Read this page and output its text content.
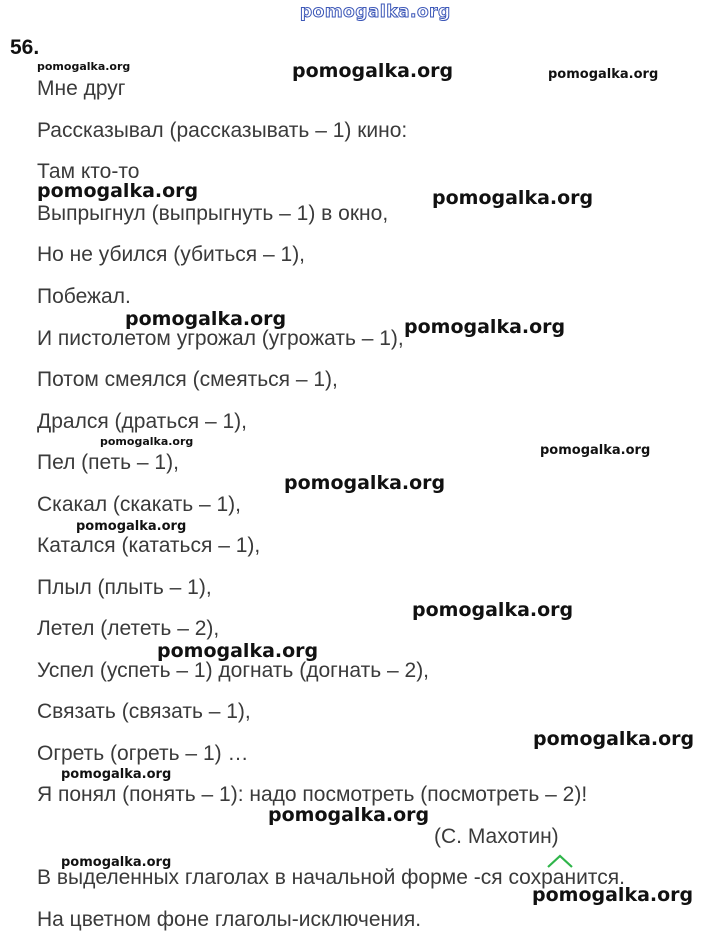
pomogalka.org
56.
Мне друг
Рассказывал (рассказывать – 1) кино:
Там кто-то
Выпрыгнул (выпрыгнуть – 1) в окно,
Но не убился (убиться – 1),
Побежал.
И пистолетом угрожал (угрожать – 1),
Потом смеялся (смеяться – 1),
Дрался (драться – 1),
Пел (петь – 1),
Скакал (скакать – 1),
Катался (кататься – 1),
Плыл (плыть – 1),
Летел (лететь – 2),
Успел (успеть – 1) догнать (догнать – 2),
Связать (связать – 1),
Огреть (огреть – 1) …
Я понял (понять – 1): надо посмотреть (посмотреть – 2)!
(С. Махотин)
В выделенных глаголах в начальной форме -ся сохранится.
На цветном фоне глаголы-исключения.
pomogalka.org	pomogalka.org	pomogalka.org
pomogalka.org	pomogalka.org
pomogalka.org	pomogalka.org
pomogalka.org
pomogalka.org
pomogalka.org
pomogalka.org
pomogalka.org
pomogalka.org
pomogalka.org
pomogalka.org
pomogalka.org
pomogalka.org
pomogalka.org
